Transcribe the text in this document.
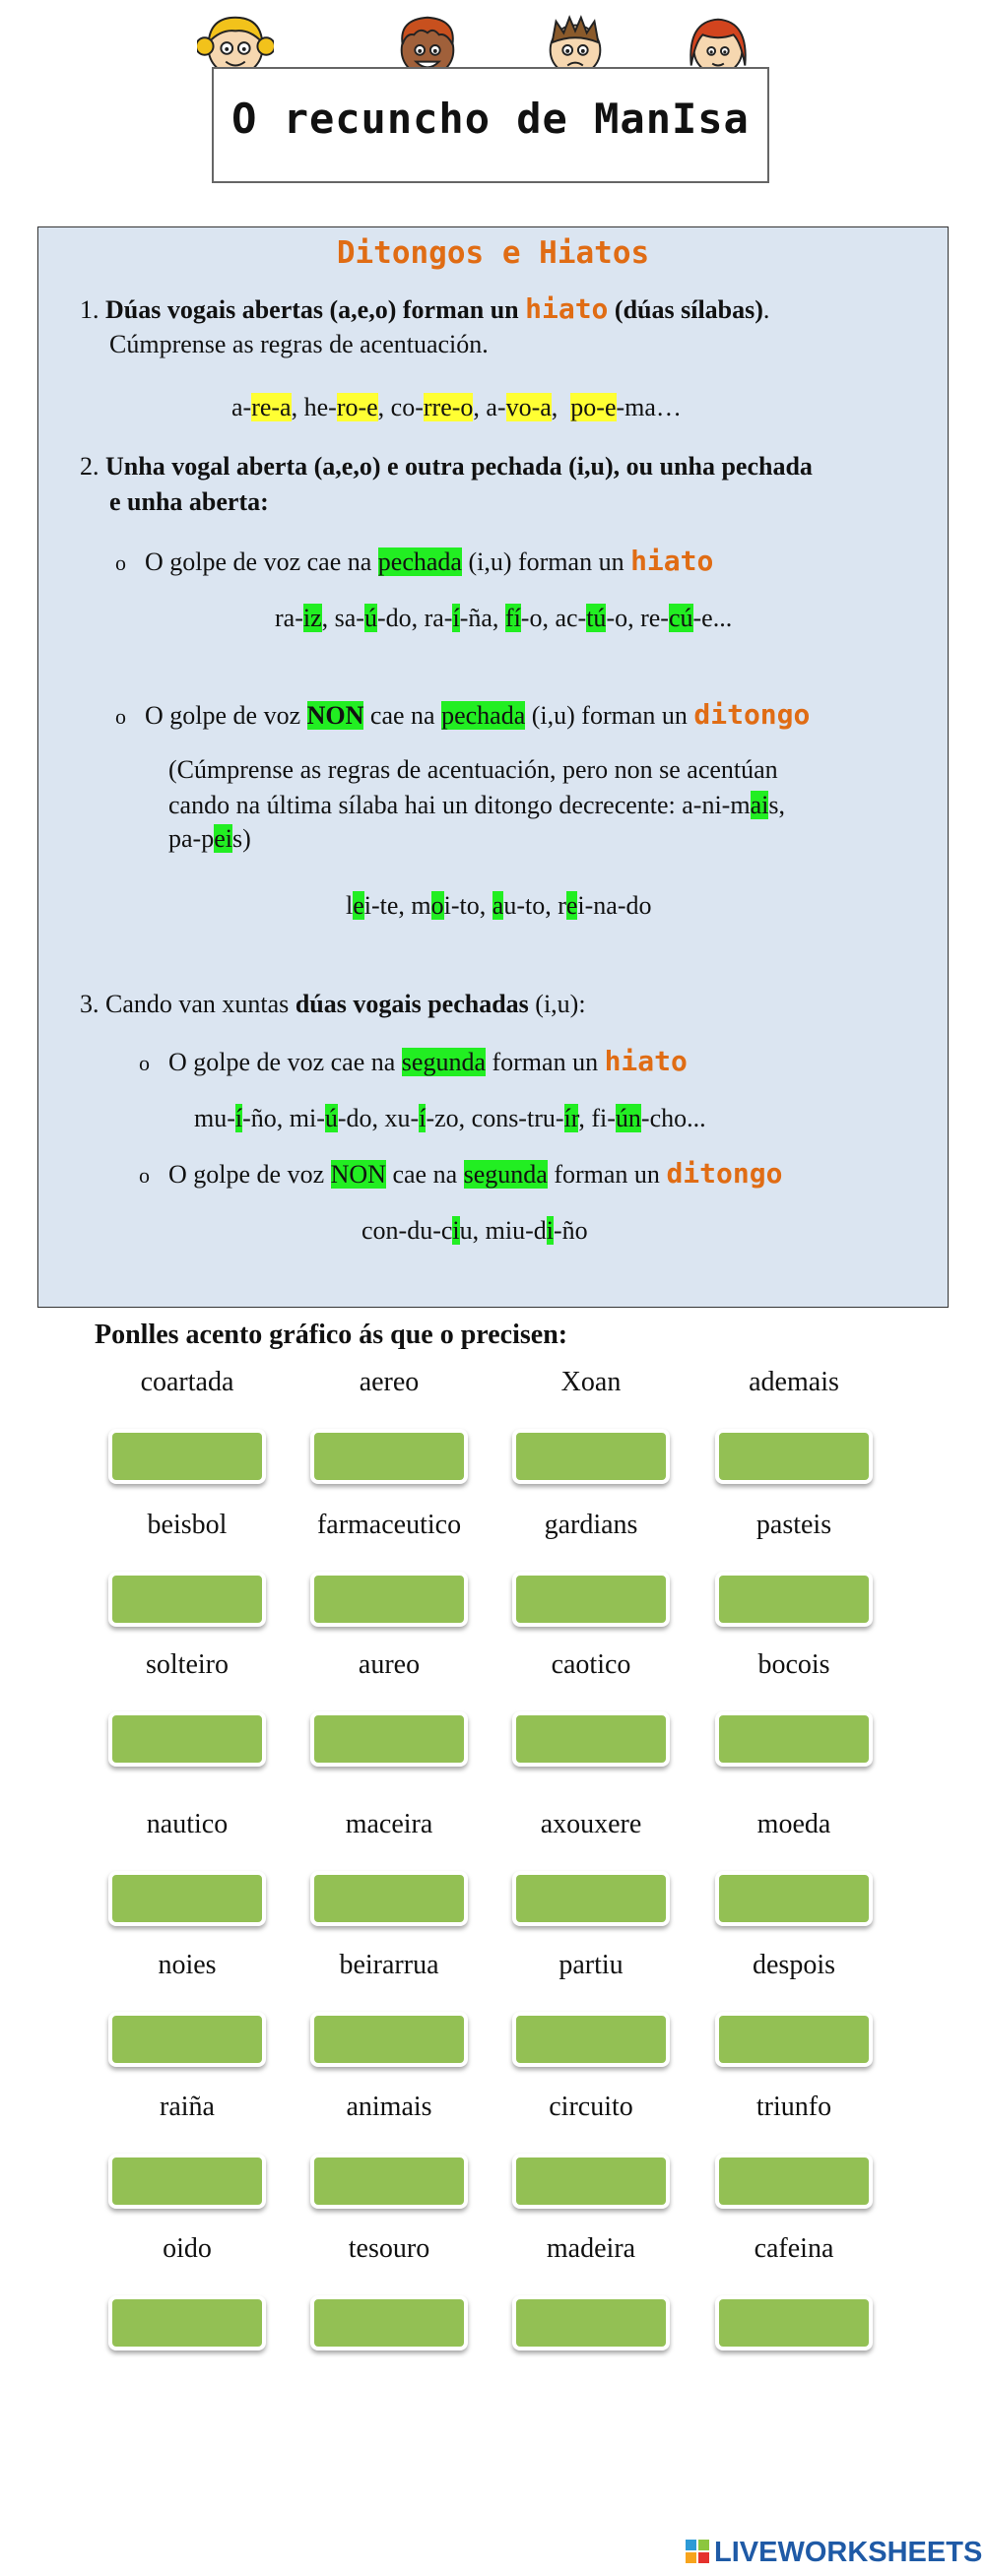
O recuncho de ManIsa
Ditongos e Hiatos
1. Dúas vogais abertas (a,e,o) forman un hiato (dúas sílabas).
Cúmprense as regras de acentuación.
a-re-a, he-ro-e, co-rre-o, a-vo-a,  po-e-ma…
2. Unha vogal aberta (a,e,o) e outra pechada (i,u), ou unha pechada
e unha aberta:
o O golpe de voz cae na pechada (i,u) forman un hiato
ra-iz, sa-ú-do, ra-í-ña, fí-o, ac-tú-o, re-cú-e...
o O golpe de voz NON cae na pechada (i,u) forman un ditongo
(Cúmprense as regras de acentuación, pero non se acentúan
cando na última sílaba hai un ditongo decrecente: a-ni-mais,
pa-peis)
lei-te, moi-to, au-to, rei-na-do
3. Cando van xuntas dúas vogais pechadas (i,u):
o O golpe de voz cae na segunda forman un hiato
mu-í-ño, mi-ú-do, xu-í-zo, cons-tru-ír, fi-ún-cho...
o O golpe de voz NON cae na segunda forman un ditongo
con-du-ciu, miu-di-ño
Ponlles acento gráfico ás que o precisen:
coartada	aereo	Xoan	ademais
beisbol	farmaceutico	gardians	pasteis
solteiro	aureo	caotico	bocois
nautico	maceira	axouxere	moeda
noies	beirarrua	partiu	despois
raiña	animais	circuito	triunfo
oido	tesouro	madeira	cafeina
LIVEWORKSHEETS
